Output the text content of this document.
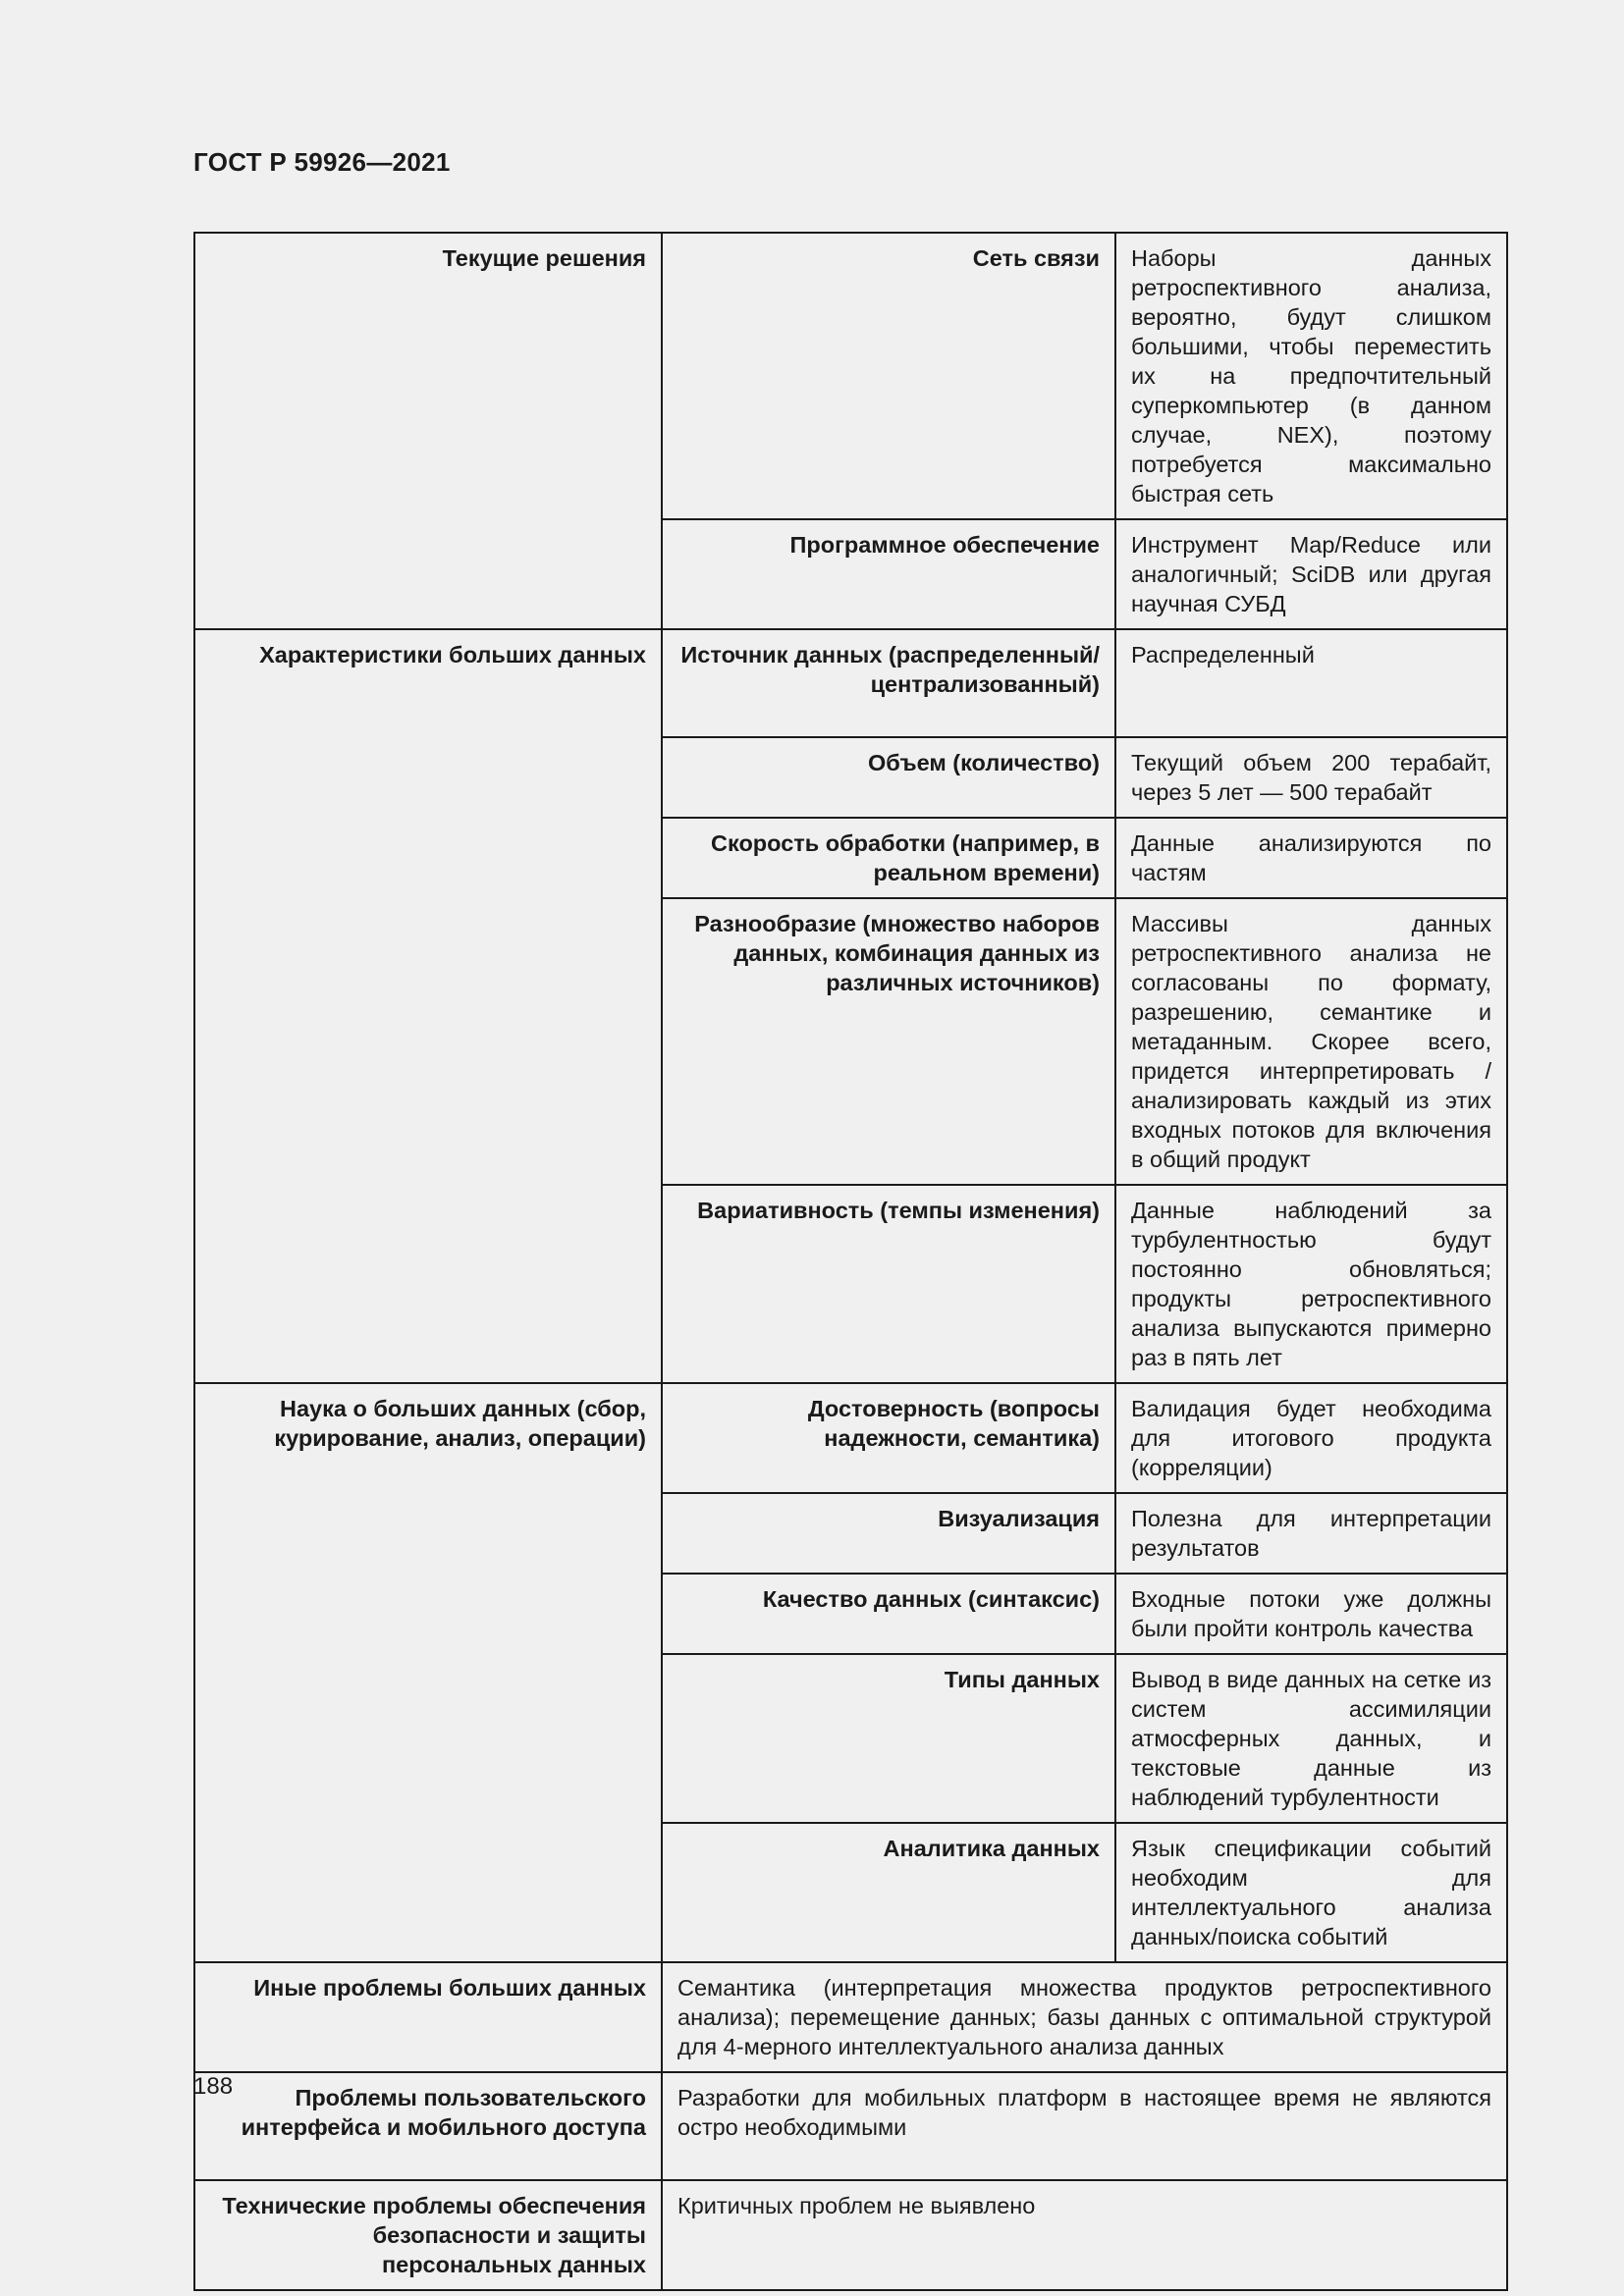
ГОСТ Р 59926—2021
Текущие решения	Сеть связи	Наборы данных ретроспективного анализа, вероятно, будут слишком большими, чтобы переместить их на предпочтительный суперкомпьютер (в данном случае, NEX), поэтому потребуется максимально быстрая сеть
	Программное обеспечение	Инструмент Map/Reduce или аналогичный; SciDB или другая научная СУБД
Характеристики больших данных	Источник данных (распределенный/ централизованный)	Распределенный
	Объем (количество)	Текущий объем 200 терабайт, через 5 лет — 500 терабайт
	Скорость обработки (например, в реальном времени)	Данные анализируются по частям
	Разнообразие (множество наборов данных, комбинация данных из различных источников)	Массивы данных ретроспективного анализа не согласованы по формату, разрешению, семантике и метаданным. Скорее всего, придется интерпретировать / анализировать каждый из этих входных потоков для включения в общий продукт
	Вариативность (темпы изменения)	Данные наблюдений за турбулентностью будут постоянно обновляться; продукты ретроспективного анализа выпускаются примерно раз в пять лет
Наука о больших данных (сбор, курирование, анализ, операции)	Достоверность (вопросы надежности, семантика)	Валидация будет необходима для итогового продукта (корреляции)
	Визуализация	Полезна для интерпретации результатов
	Качество данных (синтаксис)	Входные потоки уже должны были пройти контроль качества
	Типы данных	Вывод в виде данных на сетке из систем ассимиляции атмосферных данных, и текстовые данные из наблюдений турбулентности
	Аналитика данных	Язык спецификации событий необходим для интеллектуального анализа данных/поиска событий
Иные проблемы больших данных	Семантика (интерпретация множества продуктов ретроспективного анализа); перемещение данных; базы данных с оптимальной структурой для 4-мерного интеллектуального анализа данных	
Проблемы пользовательского интерфейса и мобильного доступа	Разработки для мобильных платформ в настоящее время не являются остро необходимыми	
Технические проблемы обеспечения безопасности и защиты персональных данных	Критичных проблем не выявлено	
188
